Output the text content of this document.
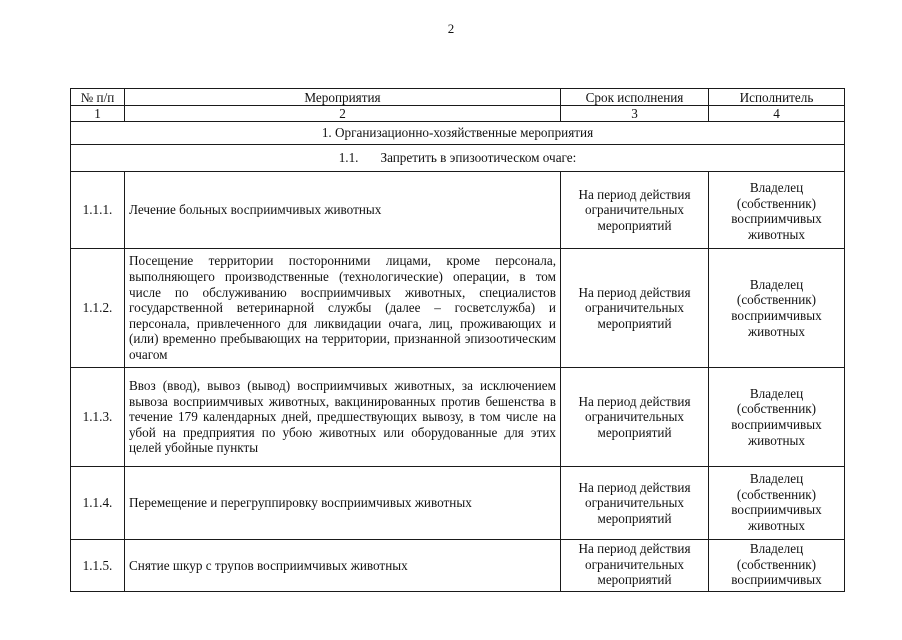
2
№ п/п	Мероприятия	Срок исполнения	Исполнитель
1	2	3	4
1. Организационно-хозяйственные мероприятия			
1.1. Запретить в эпизоотическом очаге:			
1.1.1.	Лечение больных восприимчивых животных	На период действия ограничительных мероприятий	Владелец (собственник) восприимчивых животных
1.1.2.	Посещение территории посторонними лицами, кроме персонала, выполняющего производственные (технологические) операции, в том числе по обслуживанию восприимчивых животных, специалистов государственной ветеринарной службы (далее – госветслужба) и персонала, привлеченного для ликвидации очага, лиц, проживающих и (или) временно пребывающих на территории, признанной эпизоотическим очагом	На период действия ограничительных мероприятий	Владелец (собственник) восприимчивых животных
1.1.3.	Ввоз (ввод), вывоз (вывод) восприимчивых животных, за исключением вывоза восприимчивых животных, вакцинированных против бешенства в течение 179 календарных дней, предшествующих вывозу, в том числе на убой на предприятия по убою животных или оборудованные для этих целей убойные пункты	На период действия ограничительных мероприятий	Владелец (собственник) восприимчивых животных
1.1.4.	Перемещение и перегруппировку восприимчивых животных	На период действия ограничительных мероприятий	Владелец (собственник) восприимчивых животных
1.1.5.	Снятие шкур с трупов восприимчивых животных	На период действия ограничительных мероприятий	Владелец (собственник) восприимчивых
